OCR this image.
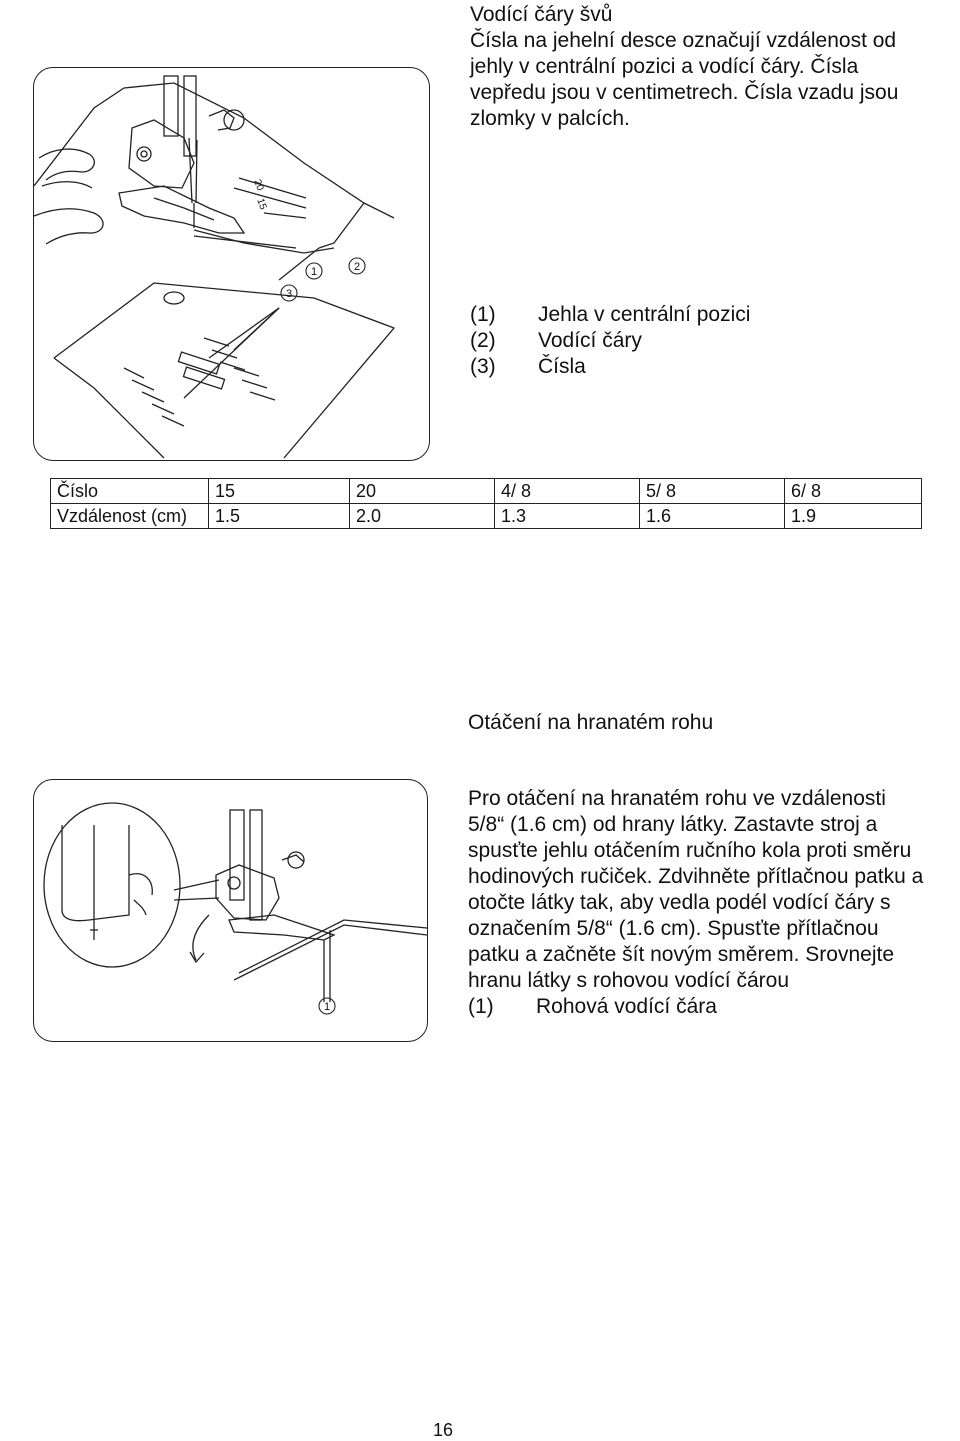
Vodící čáry švů
Čísla na jehelní desce označují vzdálenost od
jehly v centrální pozici a vodící čáry. Čísla
vepředu jsou v centimetrech. Čísla vzadu jsou
zlomky v palcích.
3
1	2
20
15
(1)	Jehla v centrální pozici
(2)	Vodící čáry
(3)	Čísla
Číslo	15	20	4/ 8	5/ 8	6/ 8
Vzdálenost (cm)	1.5	2.0	1.3	1.6	1.9
Otáčení na hranatém rohu
1
Pro otáčení na hranatém rohu ve vzdálenosti
5/8“ (1.6 cm) od hrany látky. Zastavte stroj a
spusťte jehlu otáčením ručního kola proti směru
hodinových ručiček. Zdvihněte přítlačnou patku a
otočte látky tak, aby vedla podél vodící čáry s
označením 5/8“ (1.6 cm). Spusťte přítlačnou
patku a začněte šít novým směrem. Srovnejte
hranu látky s rohovou vodící čárou
(1)	Rohová vodící čára
16
